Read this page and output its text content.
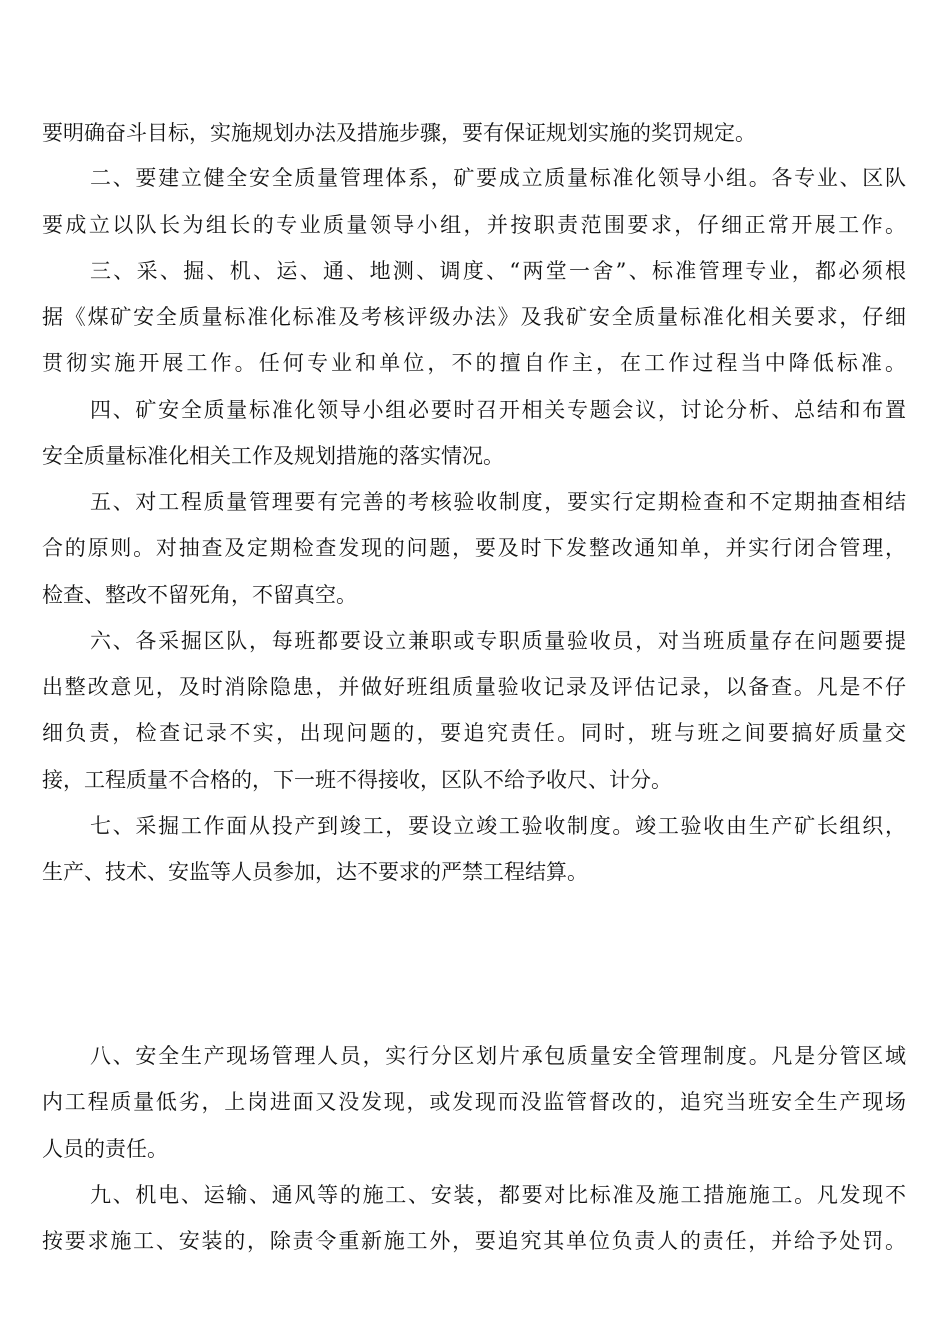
要明确奋斗目标，实施规划办法及措施步骤，要有保证规划实施的奖罚规定。
二、要建立健全安全质量管理体系，矿要成立质量标准化领导小组。各专业、区队
要成立以队长为组长的专业质量领导小组，并按职责范围要求，仔细正常开展工作。
三、采、掘、机、运、通、地测、调度、“两堂一舍”、标准管理专业，都必须根
据《煤矿安全质量标准化标准及考核评级办法》及我矿安全质量标准化相关要求，仔细
贯彻实施开展工作。任何专业和单位，不的擅自作主，在工作过程当中降低标准。
四、矿安全质量标准化领导小组必要时召开相关专题会议，讨论分析、总结和布置
安全质量标准化相关工作及规划措施的落实情况。
五、对工程质量管理要有完善的考核验收制度，要实行定期检查和不定期抽查相结
合的原则。对抽查及定期检查发现的问题，要及时下发整改通知单，并实行闭合管理，
检查、整改不留死角，不留真空。
六、各采掘区队，每班都要设立兼职或专职质量验收员，对当班质量存在问题要提
出整改意见，及时消除隐患，并做好班组质量验收记录及评估记录，以备查。凡是不仔
细负责，检查记录不实，出现问题的，要追究责任。同时，班与班之间要搞好质量交
接，工程质量不合格的，下一班不得接收，区队不给予收尺、计分。
七、采掘工作面从投产到竣工，要设立竣工验收制度。竣工验收由生产矿长组织，
生产、技术、安监等人员参加，达不要求的严禁工程结算。
八、安全生产现场管理人员，实行分区划片承包质量安全管理制度。凡是分管区域
内工程质量低劣，上岗进面又没发现，或发现而没监管督改的，追究当班安全生产现场
人员的责任。
九、机电、运输、通风等的施工、安装，都要对比标准及施工措施施工。凡发现不
按要求施工、安装的，除责令重新施工外，要追究其单位负责人的责任，并给予处罚。
